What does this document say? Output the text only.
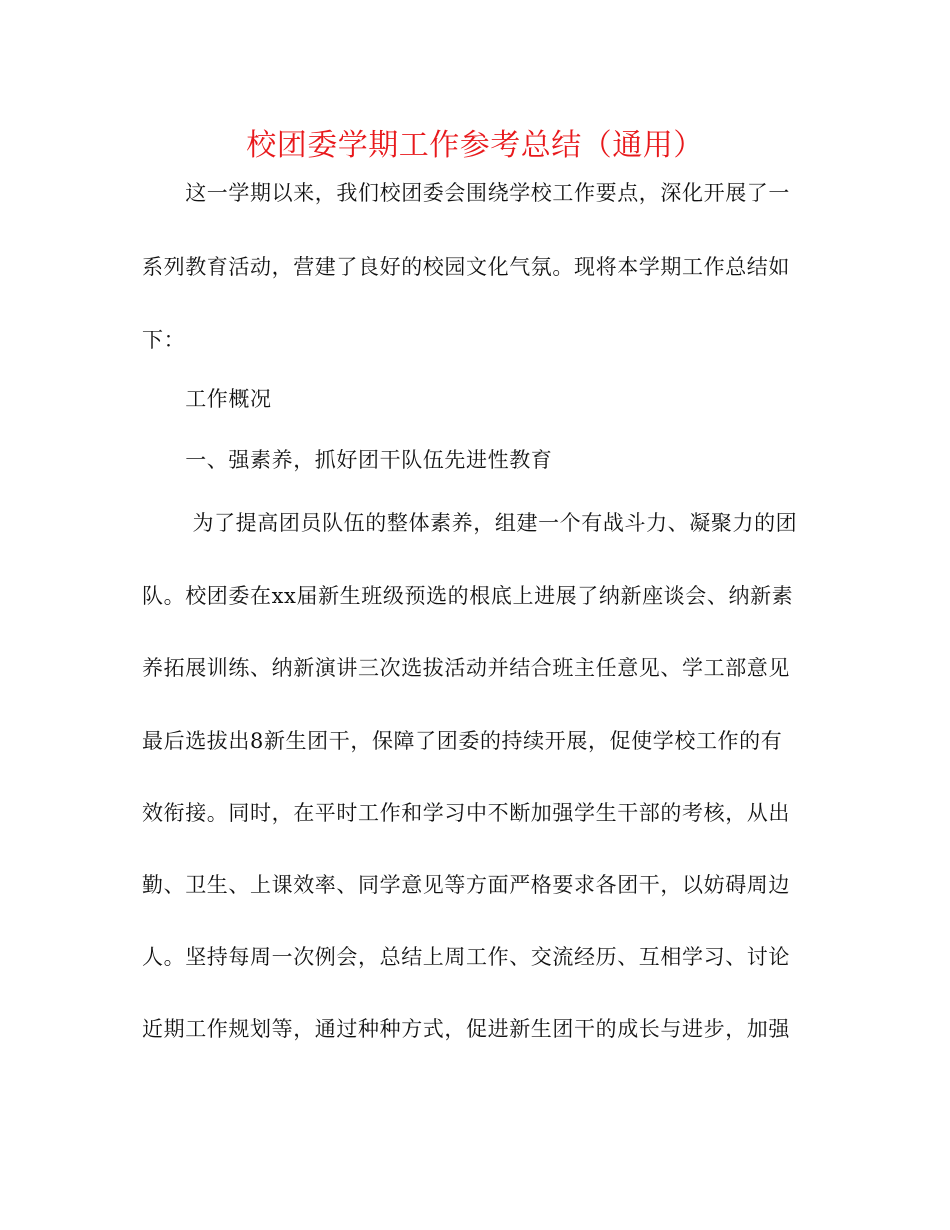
校团委学期工作参考总结（通用）
　　这一学期以来，我们校团委会围绕学校工作要点，深化开展了一
系列教育活动，营建了良好的校园文化气氛。现将本学期工作总结如
下：
　　工作概况
　　一、强素养，抓好团干队伍先进性教育
　　 为了提高团员队伍的整体素养，组建一个有战斗力、凝聚力的团
队。校团委在xx届新生班级预选的根底上进展了纳新座谈会、纳新素
养拓展训练、纳新演讲三次选拔活动并结合班主任意见、学工部意见
最后选拔出8新生团干，保障了团委的持续开展，促使学校工作的有
效衔接。同时，在平时工作和学习中不断加强学生干部的考核，从出
勤、卫生、上课效率、同学意见等方面严格要求各团干，以妨碍周边
人。坚持每周一次例会，总结上周工作、交流经历、互相学习、讨论
近期工作规划等，通过种种方式，促进新生团干的成长与进步，加强
